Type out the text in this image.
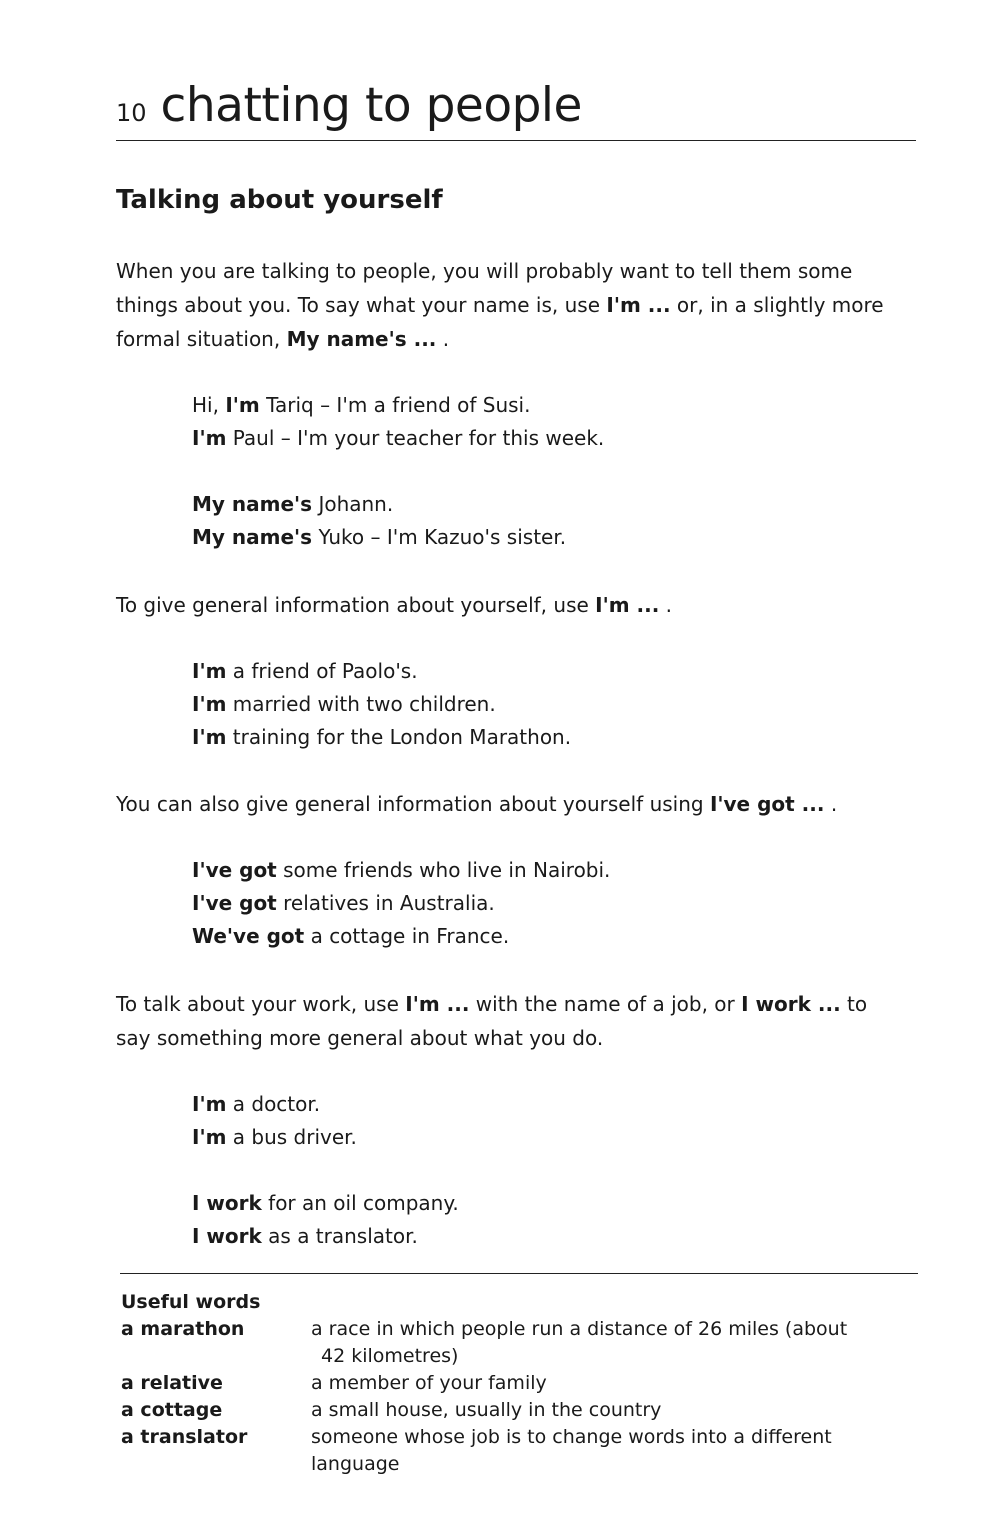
10 chatting to people
Talking about yourself

When you are talking to people, you will probably want to tell them some things about you. To say what your name is, use I'm ... or, in a slightly more formal situation, My name's ... .

Hi, I'm Tariq – I'm a friend of Susi.
I'm Paul – I'm your teacher for this week.
My name's Johann.
My name's Yuko – I'm Kazuo's sister.

To give general information about yourself, use I'm ... .

I'm a friend of Paolo's.
I'm married with two children.
I'm training for the London Marathon.

You can also give general information about yourself using I've got ... .

I've got some friends who live in Nairobi.
I've got relatives in Australia.
We've got a cottage in France.

To talk about your work, use I'm ... with the name of a job, or I work ... to say something more general about what you do.

I'm a doctor.
I'm a bus driver.
I work for an oil company.
I work as a translator.
Useful words
a marathon	a race in which people run a distance of 26 miles (about
42 kilometres)
a relative	a member of your family
a cottage	a small house, usually in the country
a translator	someone whose job is to change words into a different language
